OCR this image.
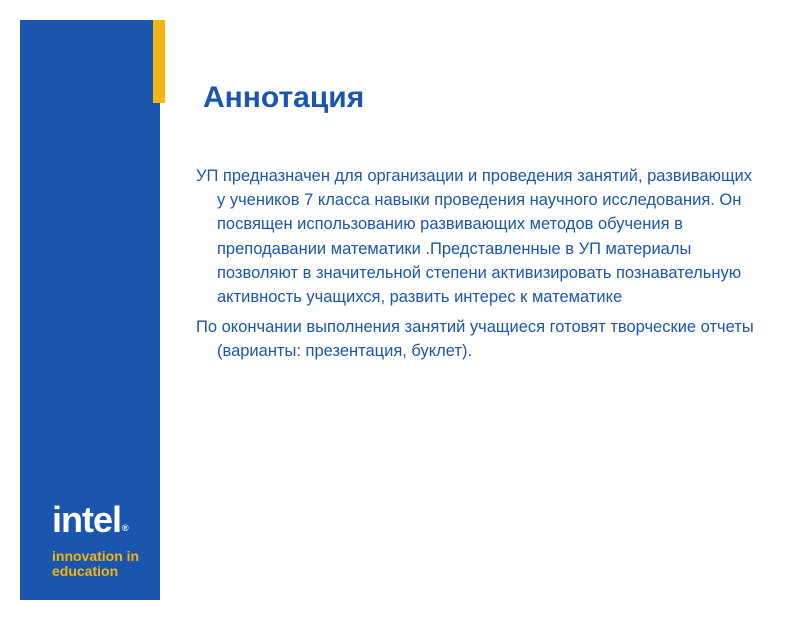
intel ®
innovation in
education
Аннотация

УП предназначен для организации и проведения занятий, развивающих у учеников 7 класса навыки проведения научного исследования. Он посвящен использованию развивающих методов обучения в преподавании математики .Представленные в УП материалы позволяют в значительной степени активизировать познавательную активность учащихся, развить интерес к математике

По окончании выполнения занятий учащиеся готовят творческие отчеты (варианты: презентация, буклет).
